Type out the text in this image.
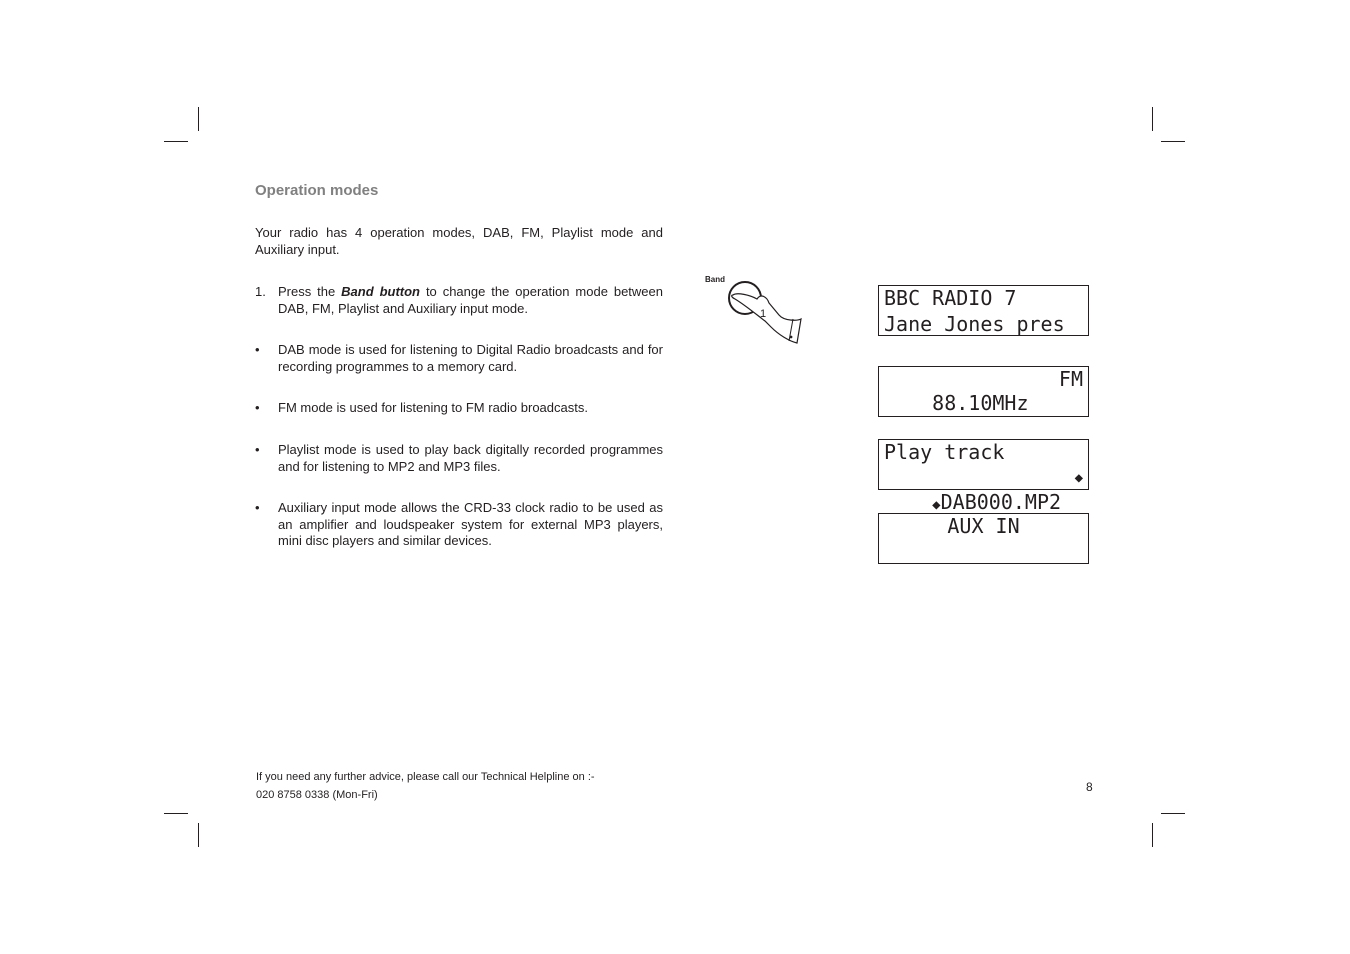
Operation modes
Your radio has 4 operation modes, DAB, FM, Playlist mode and Auxiliary input.
1. Press the Band button to change the operation mode between DAB, FM, Playlist and Auxiliary input mode.
• DAB mode is used for listening to Digital Radio broadcasts and for recording programmes to a memory card.
• FM mode is used for listening to FM radio broadcasts.
• Playlist mode is used to play back digitally recorded programmes and for listening to MP2 and MP3 files.
• Auxiliary input mode allows the CRD-33 clock radio to be used as an amplifier and loudspeaker system for external MP3 players, mini disc players and similar devices.
Band
1
BBC RADIO 7
Jane Jones pres

88.10MHz

FM

Play track

◆DAB000.MP2

◆

AUX IN
If you need any further advice, please call our Technical Helpline on :-
020 8758 0338 (Mon-Fri)
8
